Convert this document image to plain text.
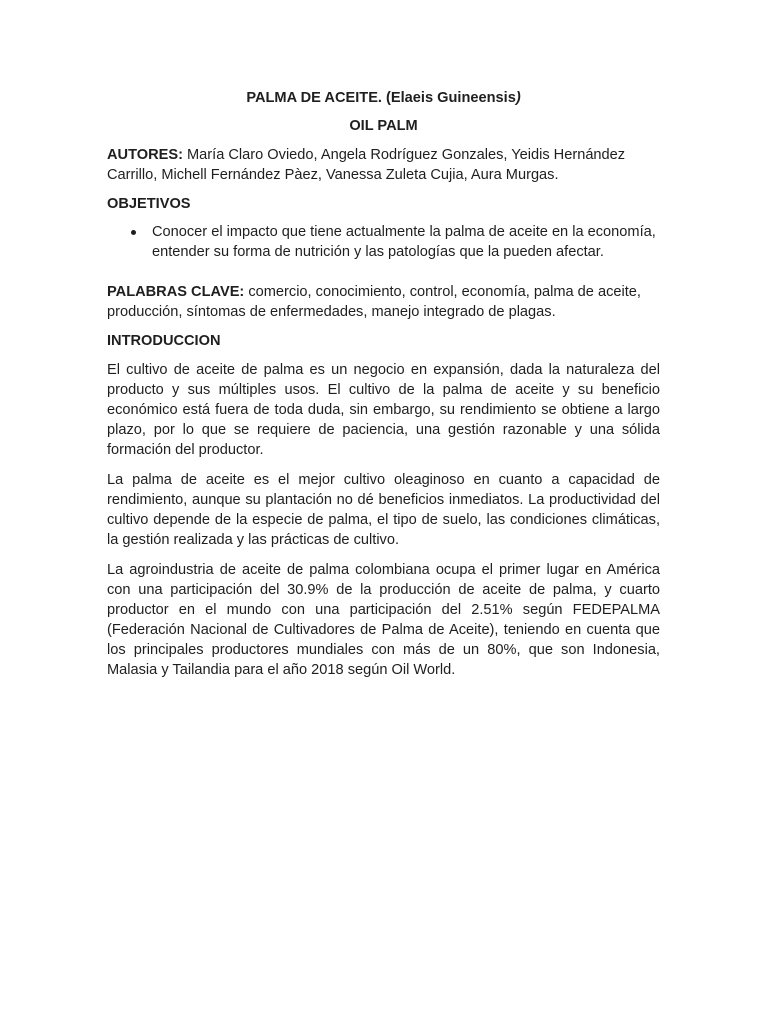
PALMA DE ACEITE. (Elaeis Guineensis)

OIL PALM

AUTORES: María Claro Oviedo, Angela Rodríguez Gonzales, Yeidis Hernández Carrillo, Michell Fernández Pàez, Vanessa Zuleta Cujia, Aura Murgas.

OBJETIVOS

Conocer el impacto que tiene actualmente la palma de aceite en la economía, entender su forma de nutrición y las patologías que la pueden afectar.

PALABRAS CLAVE: comercio, conocimiento, control, economía, palma de aceite, producción, síntomas de enfermedades, manejo integrado de plagas.

INTRODUCCION

El cultivo de aceite de palma es un negocio en expansión, dada la naturaleza del producto y sus múltiples usos. El cultivo de la palma de aceite y su beneficio económico está fuera de toda duda, sin embargo, su rendimiento se obtiene a largo plazo, por lo que se requiere de paciencia, una gestión razonable y una sólida formación del productor.

La palma de aceite es el mejor cultivo oleaginoso en cuanto a capacidad de rendimiento, aunque su plantación no dé beneficios inmediatos. La productividad del cultivo depende de la especie de palma, el tipo de suelo, las condiciones climáticas, la gestión realizada y las prácticas de cultivo.

La agroindustria de aceite de palma colombiana ocupa el primer lugar en América con una participación del 30.9% de la producción de aceite de palma, y cuarto productor en el mundo con una participación del 2.51% según FEDEPALMA (Federación Nacional de Cultivadores de Palma de Aceite), teniendo en cuenta que los principales productores mundiales con más de un 80%, que son Indonesia, Malasia y Tailandia para el año 2018 según Oil World.
